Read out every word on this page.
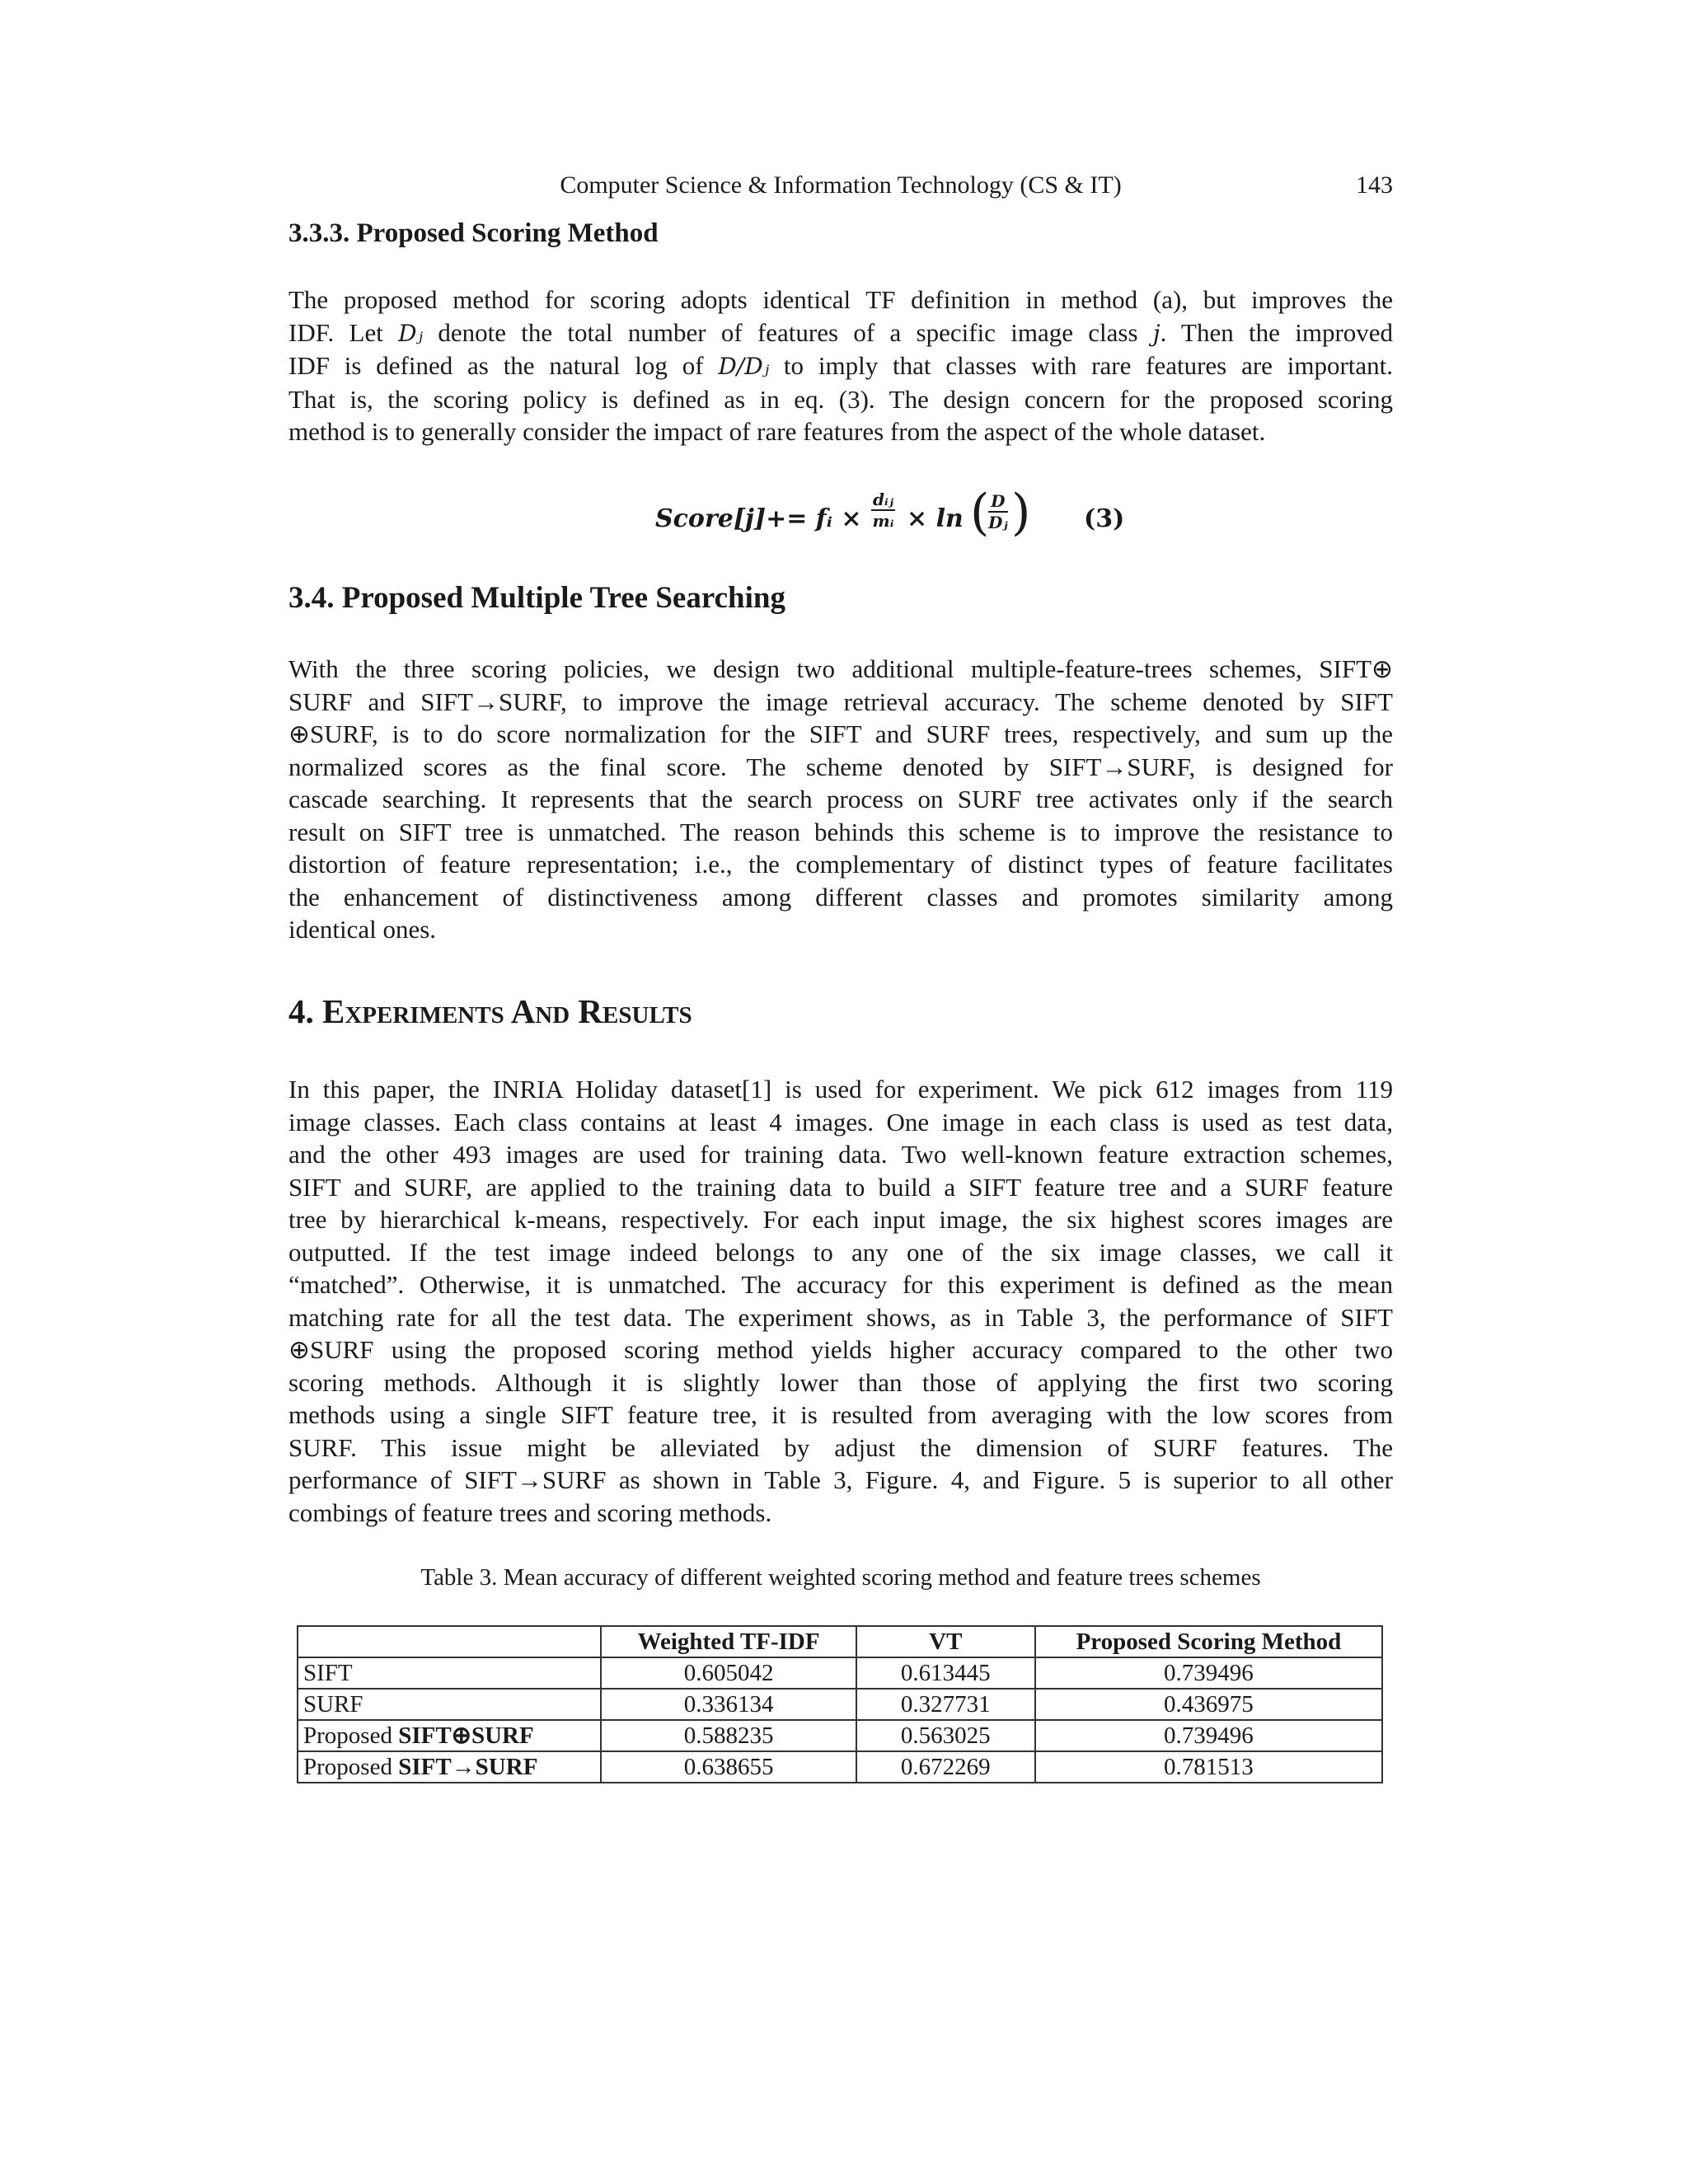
Computer Science & Information Technology (CS & IT)	143
3.3.3. Proposed Scoring Method
The proposed method for scoring adopts identical TF definition in method (a), but improves the
IDF. Let Dⱼ denote the total number of features of a specific image class j. Then the improved
IDF is defined as the natural log of D/Dⱼ to imply that classes with rare features are important.
That is, the scoring policy is defined as in eq. (3). The design concern for the proposed scoring
method is to generally consider the impact of rare features from the aspect of the whole dataset.
Score[j]+= fᵢ ×
dᵢⱼ
mᵢ × ln (
$\frac{D}{\text{Dⱼ}}$ ) (3)
3.4. Proposed Multiple Tree Searching
With the three scoring policies, we design two additional multiple-feature-trees schemes, SIFT⊕
SURF and SIFT→SURF, to improve the image retrieval accuracy. The scheme denoted by SIFT
⊕SURF, is to do score normalization for the SIFT and SURF trees, respectively, and sum up the
normalized scores as the final score. The scheme denoted by SIFT→SURF, is designed for
cascade searching. It represents that the search process on SURF tree activates only if the search
result on SIFT tree is unmatched. The reason behinds this scheme is to improve the resistance to
distortion of feature representation; i.e., the complementary of distinct types of feature facilitates
the enhancement of distinctiveness among different classes and promotes similarity among
identical ones.
4. Experiments And Results
In this paper, the INRIA Holiday dataset[1] is used for experiment. We pick 612 images from 119
image classes. Each class contains at least 4 images. One image in each class is used as test data,
and the other 493 images are used for training data. Two well-known feature extraction schemes,
SIFT and SURF, are applied to the training data to build a SIFT feature tree and a SURF feature
tree by hierarchical k-means, respectively. For each input image, the six highest scores images are
outputted. If the test image indeed belongs to any one of the six image classes, we call it
“matched”. Otherwise, it is unmatched. The accuracy for this experiment is defined as the mean
matching rate for all the test data. The experiment shows, as in Table 3, the performance of SIFT
⊕SURF using the proposed scoring method yields higher accuracy compared to the other two
scoring methods. Although it is slightly lower than those of applying the first two scoring
methods using a single SIFT feature tree, it is resulted from averaging with the low scores from
SURF. This issue might be alleviated by adjust the dimension of SURF features. The
performance of SIFT→SURF as shown in Table 3, Figure. 4, and Figure. 5 is superior to all other
combings of feature trees and scoring methods.
Table 3. Mean accuracy of different weighted scoring method and feature trees schemes
	Weighted TF-IDF	VT	Proposed Scoring Method
SIFT	0.605042	0.613445	0.739496
SURF	0.336134	0.327731	0.436975
Proposed SIFT⊕SURF	0.588235	0.563025	0.739496
Proposed SIFT→SURF	0.638655	0.672269	0.781513
